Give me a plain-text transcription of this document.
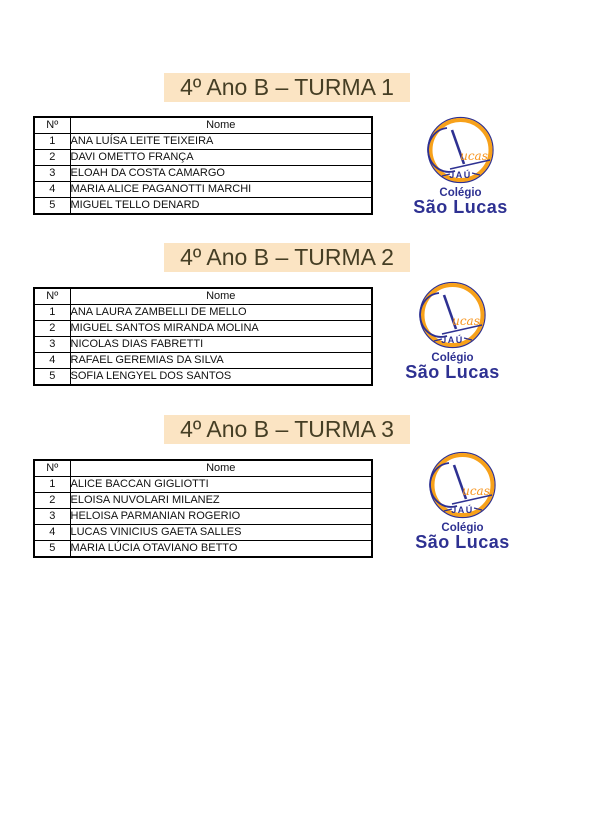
4º Ano B – TURMA 1
Nº	Nome
1	ANA LUÍSA LEITE TEIXEIRA
2	DAVI OMETTO FRANÇA
3	ELOAH DA COSTA CAMARGO
4	MARIA ALICE PAGANOTTI MARCHI
5	MIGUEL TELLO DENARD
ucas
JAÚ
Colégio
São Lucas
4º Ano B – TURMA 2
Nº	Nome
1	ANA LAURA ZAMBELLI DE MELLO
2	MIGUEL SANTOS MIRANDA MOLINA
3	NICOLAS DIAS FABRETTI
4	RAFAEL GEREMIAS DA SILVA
5	SOFIA LENGYEL DOS SANTOS
ucas
JAÚ
Colégio
São Lucas
4º Ano B – TURMA 3
Nº	Nome
1	ALICE BACCAN GIGLIOTTI
2	ELOISA NUVOLARI MILANEZ
3	HELOISA PARMANIAN ROGERIO
4	LUCAS VINICIUS GAETA SALLES
5	MARIA LÚCIA OTAVIANO BETTO
ucas
JAÚ
Colégio
São Lucas
